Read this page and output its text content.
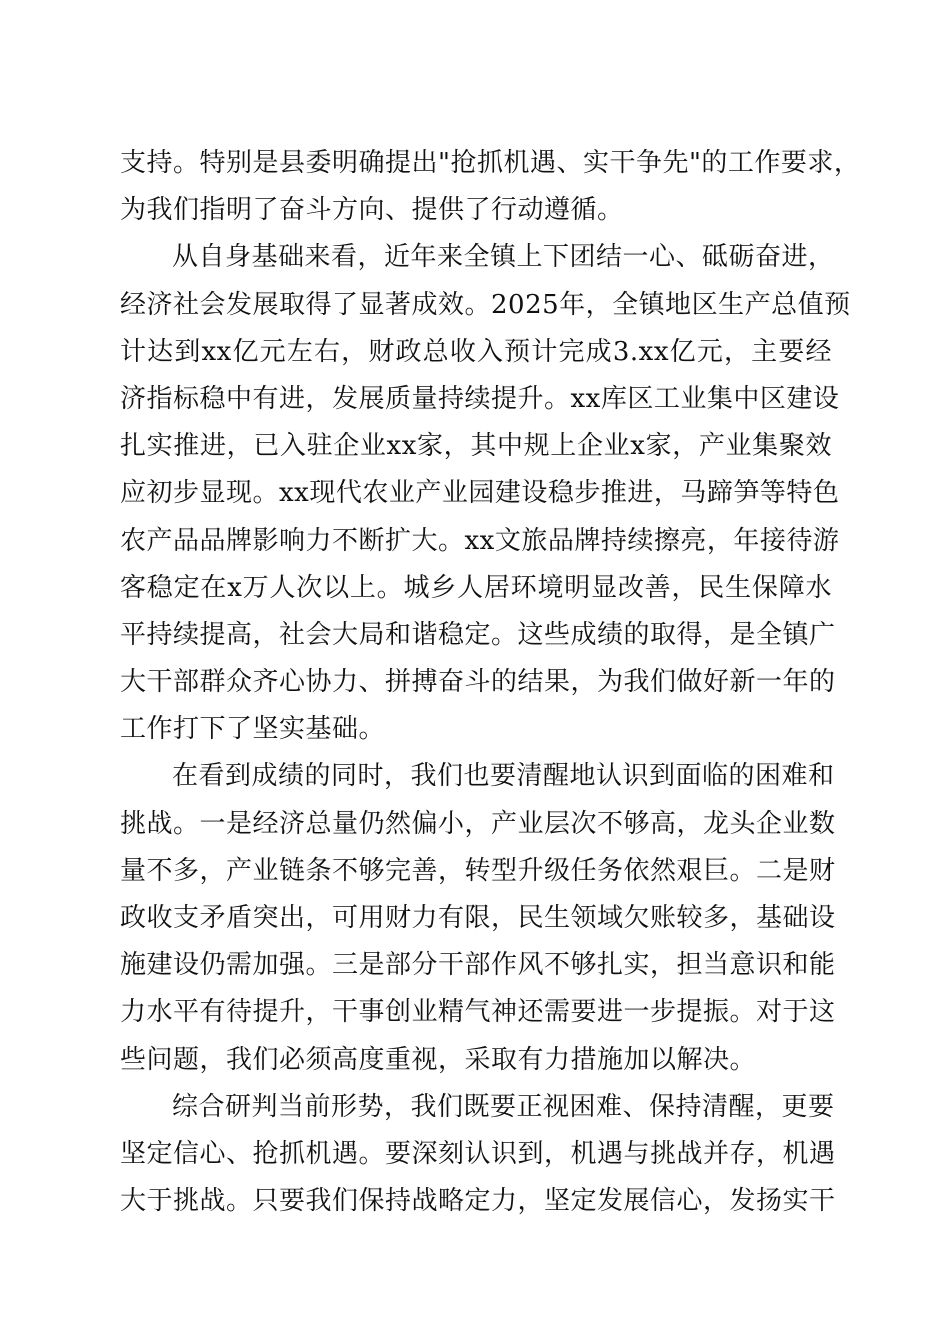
支持。特别是县委明确提出"抢抓机遇、实干争先"的工作要求，
为我们指明了奋斗方向、提供了行动遵循。
从自身基础来看，近年来全镇上下团结一心、砥砺奋进，
经济社会发展取得了显著成效。2025年，全镇地区生产总值预
计达到xx亿元左右，财政总收入预计完成3.xx亿元，主要经
济指标稳中有进，发展质量持续提升。xx库区工业集中区建设
扎实推进，已入驻企业xx家，其中规上企业x家，产业集聚效
应初步显现。xx现代农业产业园建设稳步推进，马蹄笋等特色
农产品品牌影响力不断扩大。xx文旅品牌持续擦亮，年接待游
客稳定在x万人次以上。城乡人居环境明显改善，民生保障水
平持续提高，社会大局和谐稳定。这些成绩的取得，是全镇广
大干部群众齐心协力、拼搏奋斗的结果，为我们做好新一年的
工作打下了坚实基础。
在看到成绩的同时，我们也要清醒地认识到面临的困难和
挑战。一是经济总量仍然偏小，产业层次不够高，龙头企业数
量不多，产业链条不够完善，转型升级任务依然艰巨。二是财
政收支矛盾突出，可用财力有限，民生领域欠账较多，基础设
施建设仍需加强。三是部分干部作风不够扎实，担当意识和能
力水平有待提升，干事创业精气神还需要进一步提振。对于这
些问题，我们必须高度重视，采取有力措施加以解决。
综合研判当前形势，我们既要正视困难、保持清醒，更要
坚定信心、抢抓机遇。要深刻认识到，机遇与挑战并存，机遇
大于挑战。只要我们保持战略定力，坚定发展信心，发扬实干
